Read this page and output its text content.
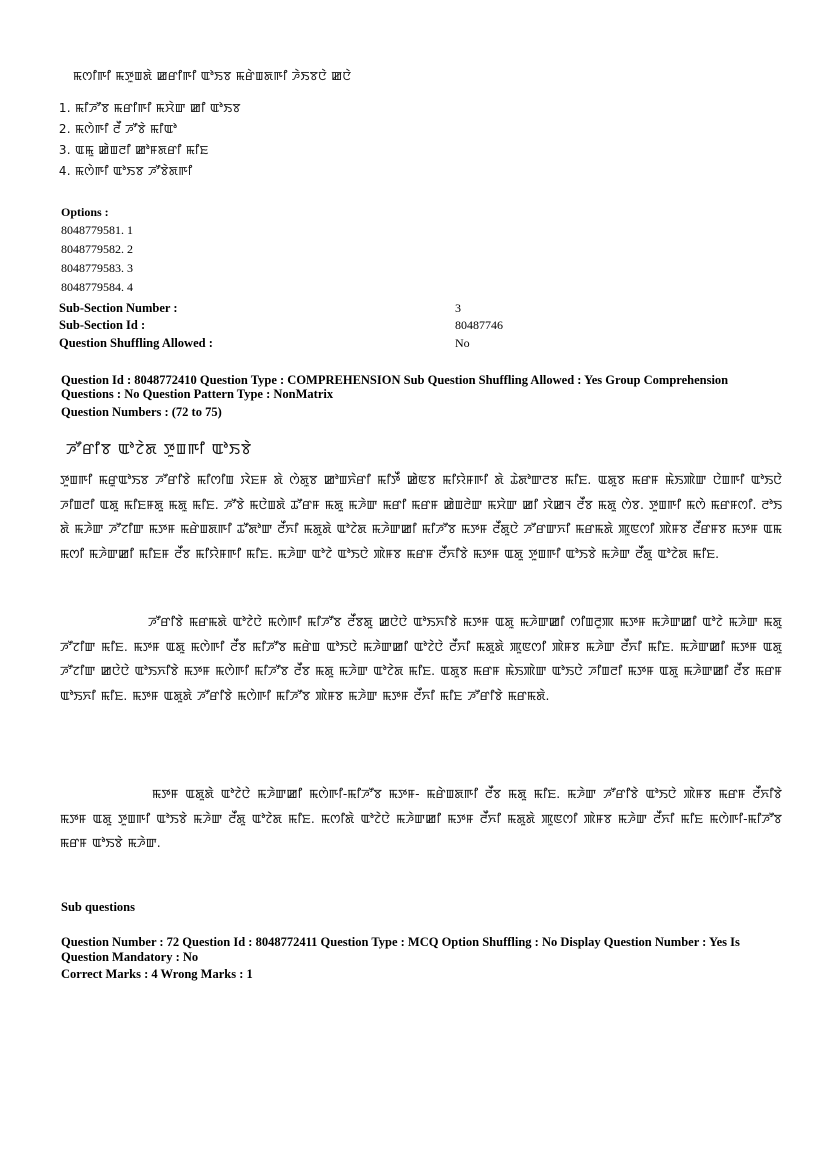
ꯃꯁꯤꯒꯤ ꯃꯇꯨꯡꯗꯥ ꯀꯔꯤꯒꯤ ꯑꯣꯏꯕ ꯃꯔꯥꯡꯗꯒꯤ ꯍꯥꯏꯕꯅꯥ ꯀꯅꯥ
1. ꯃꯤꯍꯧꯕ ꯃꯔꯤꯒꯤ ꯃꯆꯥꯛ ꯀꯤ ꯑꯣꯏꯕ
2. ꯃꯁꯥꯒꯤ ꯂꯩ ꯍꯧꯕꯥ ꯃꯤꯑꯣ
3. ꯑꯃꯨ ꯀꯥꯡꯂꯤ ꯀꯣꯝꯗꯔꯤ ꯃꯤꯐ
4. ꯃꯁꯥꯒꯤ ꯑꯣꯏꯕ ꯍꯧꯕꯥꯗꯒꯤ
Options :
8048779581. 1
8048779582. 2
8048779583. 3
8048779584. 4
Sub-Section Number :	3
Sub-Section Id :	80487746
Question Shuffling Allowed :	No
Question Id : 8048772410 Question Type : COMPREHENSION Sub Question Shuffling Allowed : Yes Group Comprehension
Questions : No Question Pattern Type : NonMatrix
Question Numbers : (72 to 75)
ꯍꯧꯔꯤꯕ ꯑꯣꯖꯥꯗ ꯇꯨꯡꯒꯤ ꯑꯣꯏꯕꯥ
ꯇꯨꯡꯒꯤ ꯃꯔꯨꯑꯣꯏꯕ ꯍꯧꯔꯤꯕꯥ ꯃꯤꯁꯤꯡ ꯋꯥꯐꯝ ꯗꯥ ꯁꯥꯗꯨꯕ ꯀꯣꯡꯈꯥꯔꯤ ꯃꯤꯇꯩ ꯀꯥꯟꯕ ꯃꯤꯌꯥꯝꯒꯤ ꯗꯥ ꯊꯥꯗꯣꯛꯂꯕ ꯃꯤꯐ. ꯑꯗꯨꯕ ꯃꯔꯝ ꯃꯥꯏꯄꯥꯛ ꯅꯥꯡꯒꯤ ꯑꯣꯏꯅꯥ ꯍꯤꯡꯂꯤ ꯑꯗꯨ ꯃꯤꯐꯝꯗꯨ ꯃꯗꯨ ꯃꯤꯐ. ꯍꯧꯕꯥ ꯃꯅꯥꯡꯗꯥ ꯊꯧꯔꯝ ꯃꯗꯨ ꯃꯍꯥꯛ ꯃꯔꯤ ꯃꯔꯝ ꯀꯥꯡꯂꯥꯛ ꯃꯆꯥꯛ ꯀꯤ ꯋꯥꯀꯜ ꯂꯩꯕ ꯃꯗꯨ ꯁꯥꯕ. ꯇꯨꯡꯒꯤ ꯃꯁꯥ ꯃꯔꯝꯁꯤ. ꯂꯣꯏ ꯗꯥ ꯃꯍꯥꯛ ꯍꯧꯖꯤꯛ ꯃꯇꯝ ꯃꯔꯥꯡꯗꯒꯤ ꯊꯧꯗꯣꯛ ꯂꯩꯈꯤ ꯃꯗꯨꯗꯥ ꯑꯣꯖꯥꯗ ꯃꯍꯥꯛꯀꯤ ꯃꯤꯍꯧꯕ ꯃꯇꯝ ꯂꯩꯗꯨꯅꯥ ꯍꯧꯔꯛꯈꯤ ꯃꯔꯃꯗꯥ ꯄꯨꯟꯁꯤ ꯄꯥꯝꯕ ꯂꯩꯔꯝꯕ ꯃꯇꯝ ꯑꯃ ꯃꯁꯤ ꯃꯍꯥꯛꯀꯤ ꯃꯤꯐꯝ ꯂꯩꯕ ꯃꯤꯌꯥꯝꯒꯤ ꯃꯤꯐ. ꯃꯍꯥꯛ ꯑꯣꯖꯥ ꯑꯣꯏꯅꯥ ꯄꯥꯝꯕ ꯃꯔꯝ ꯂꯩꯈꯤꯕꯥ ꯃꯇꯝ ꯑꯗꯨ ꯇꯨꯡꯒꯤ ꯑꯣꯏꯕꯥ ꯃꯍꯥꯛ ꯂꯩꯗꯨ ꯑꯣꯖꯥꯗ ꯃꯤꯐ.
ꯍꯧꯔꯤꯕꯥ ꯃꯔꯃꯗꯥ ꯑꯣꯖꯥꯅꯥ ꯃꯁꯥꯒꯤ ꯃꯤꯍꯧꯕ ꯂꯩꯕꯗꯨ ꯀꯅꯥꯅꯥ ꯑꯣꯏꯈꯤꯕꯥ ꯃꯇꯝ ꯑꯗꯨ ꯃꯍꯥꯛꯀꯤ ꯁꯤꯡꯂꯨꯄ ꯃꯇꯝ ꯃꯍꯥꯛꯀꯤ ꯑꯣꯖꯥ ꯃꯍꯥꯛ ꯃꯗꯨ ꯍꯧꯖꯤꯛ ꯃꯤꯐ. ꯃꯇꯝ ꯑꯗꯨ ꯃꯁꯥꯒꯤ ꯂꯩꯕ ꯃꯤꯍꯧꯕ ꯃꯔꯥꯡ ꯑꯣꯏꯅꯥ ꯃꯍꯥꯛꯀꯤ ꯑꯣꯖꯥꯅꯥ ꯂꯩꯈꯤ ꯃꯗꯨꯗꯥ ꯄꯨꯟꯁꯤ ꯄꯥꯝꯕ ꯃꯍꯥꯛ ꯂꯩꯈꯤ ꯃꯤꯐ. ꯃꯍꯥꯛꯀꯤ ꯃꯇꯝ ꯑꯗꯨ ꯍꯧꯖꯤꯛ ꯀꯅꯥꯅꯥ ꯑꯣꯏꯈꯤꯕꯥ ꯃꯇꯝ ꯃꯁꯥꯒꯤ ꯃꯤꯍꯧꯕ ꯂꯩꯕ ꯃꯗꯨ ꯃꯍꯥꯛ ꯑꯣꯖꯥꯗ ꯃꯤꯐ. ꯑꯗꯨꯕ ꯃꯔꯝ ꯃꯥꯏꯄꯥꯛ ꯑꯣꯏꯅꯥ ꯍꯤꯡꯂꯤ ꯃꯇꯝ ꯑꯗꯨ ꯃꯍꯥꯛꯀꯤ ꯂꯩꯕ ꯃꯔꯝ ꯑꯣꯏꯈꯤ ꯃꯤꯐ. ꯃꯇꯝ ꯑꯗꯨꯗꯥ ꯍꯧꯔꯤꯕꯥ ꯃꯁꯥꯒꯤ ꯃꯤꯍꯧꯕ ꯄꯥꯝꯕ ꯃꯍꯥꯛ ꯃꯇꯝ ꯂꯩꯈꯤ ꯃꯤꯐ ꯍꯧꯔꯤꯕꯥ ꯃꯔꯃꯗꯥ.
ꯃꯇꯝ ꯑꯗꯨꯗꯥ ꯑꯣꯖꯥꯅꯥ ꯃꯍꯥꯛꯀꯤ ꯃꯁꯥꯒꯤ-ꯃꯤꯍꯧꯕ ꯃꯇꯝ- ꯃꯔꯥꯡꯗꯒꯤ ꯂꯩꯕ ꯃꯗꯨ ꯃꯤꯐ. ꯃꯍꯥꯛ ꯍꯧꯔꯤꯕꯥ ꯑꯣꯏꯅꯥ ꯄꯥꯝꯕ ꯃꯔꯝ ꯂꯩꯈꯤꯕꯥ ꯃꯇꯝ ꯑꯗꯨ ꯇꯨꯡꯒꯤ ꯑꯣꯏꯕꯥ ꯃꯍꯥꯛ ꯂꯩꯗꯨ ꯑꯣꯖꯥꯗ ꯃꯤꯐ. ꯃꯁꯤꯗꯥ ꯑꯣꯖꯥꯅꯥ ꯃꯍꯥꯛꯀꯤ ꯃꯇꯝ ꯂꯩꯈꯤ ꯃꯗꯨꯗꯥ ꯄꯨꯟꯁꯤ ꯄꯥꯝꯕ ꯃꯍꯥꯛ ꯂꯩꯈꯤ ꯃꯤꯐ ꯃꯁꯥꯒꯤ-ꯃꯤꯍꯧꯕ ꯃꯔꯝ ꯑꯣꯏꯕꯥ ꯃꯍꯥꯛ.
Sub questions
Question Number : 72 Question Id : 8048772411 Question Type : MCQ Option Shuffling : No Display Question Number : Yes Is
Question Mandatory : No
Correct Marks : 4 Wrong Marks : 1
